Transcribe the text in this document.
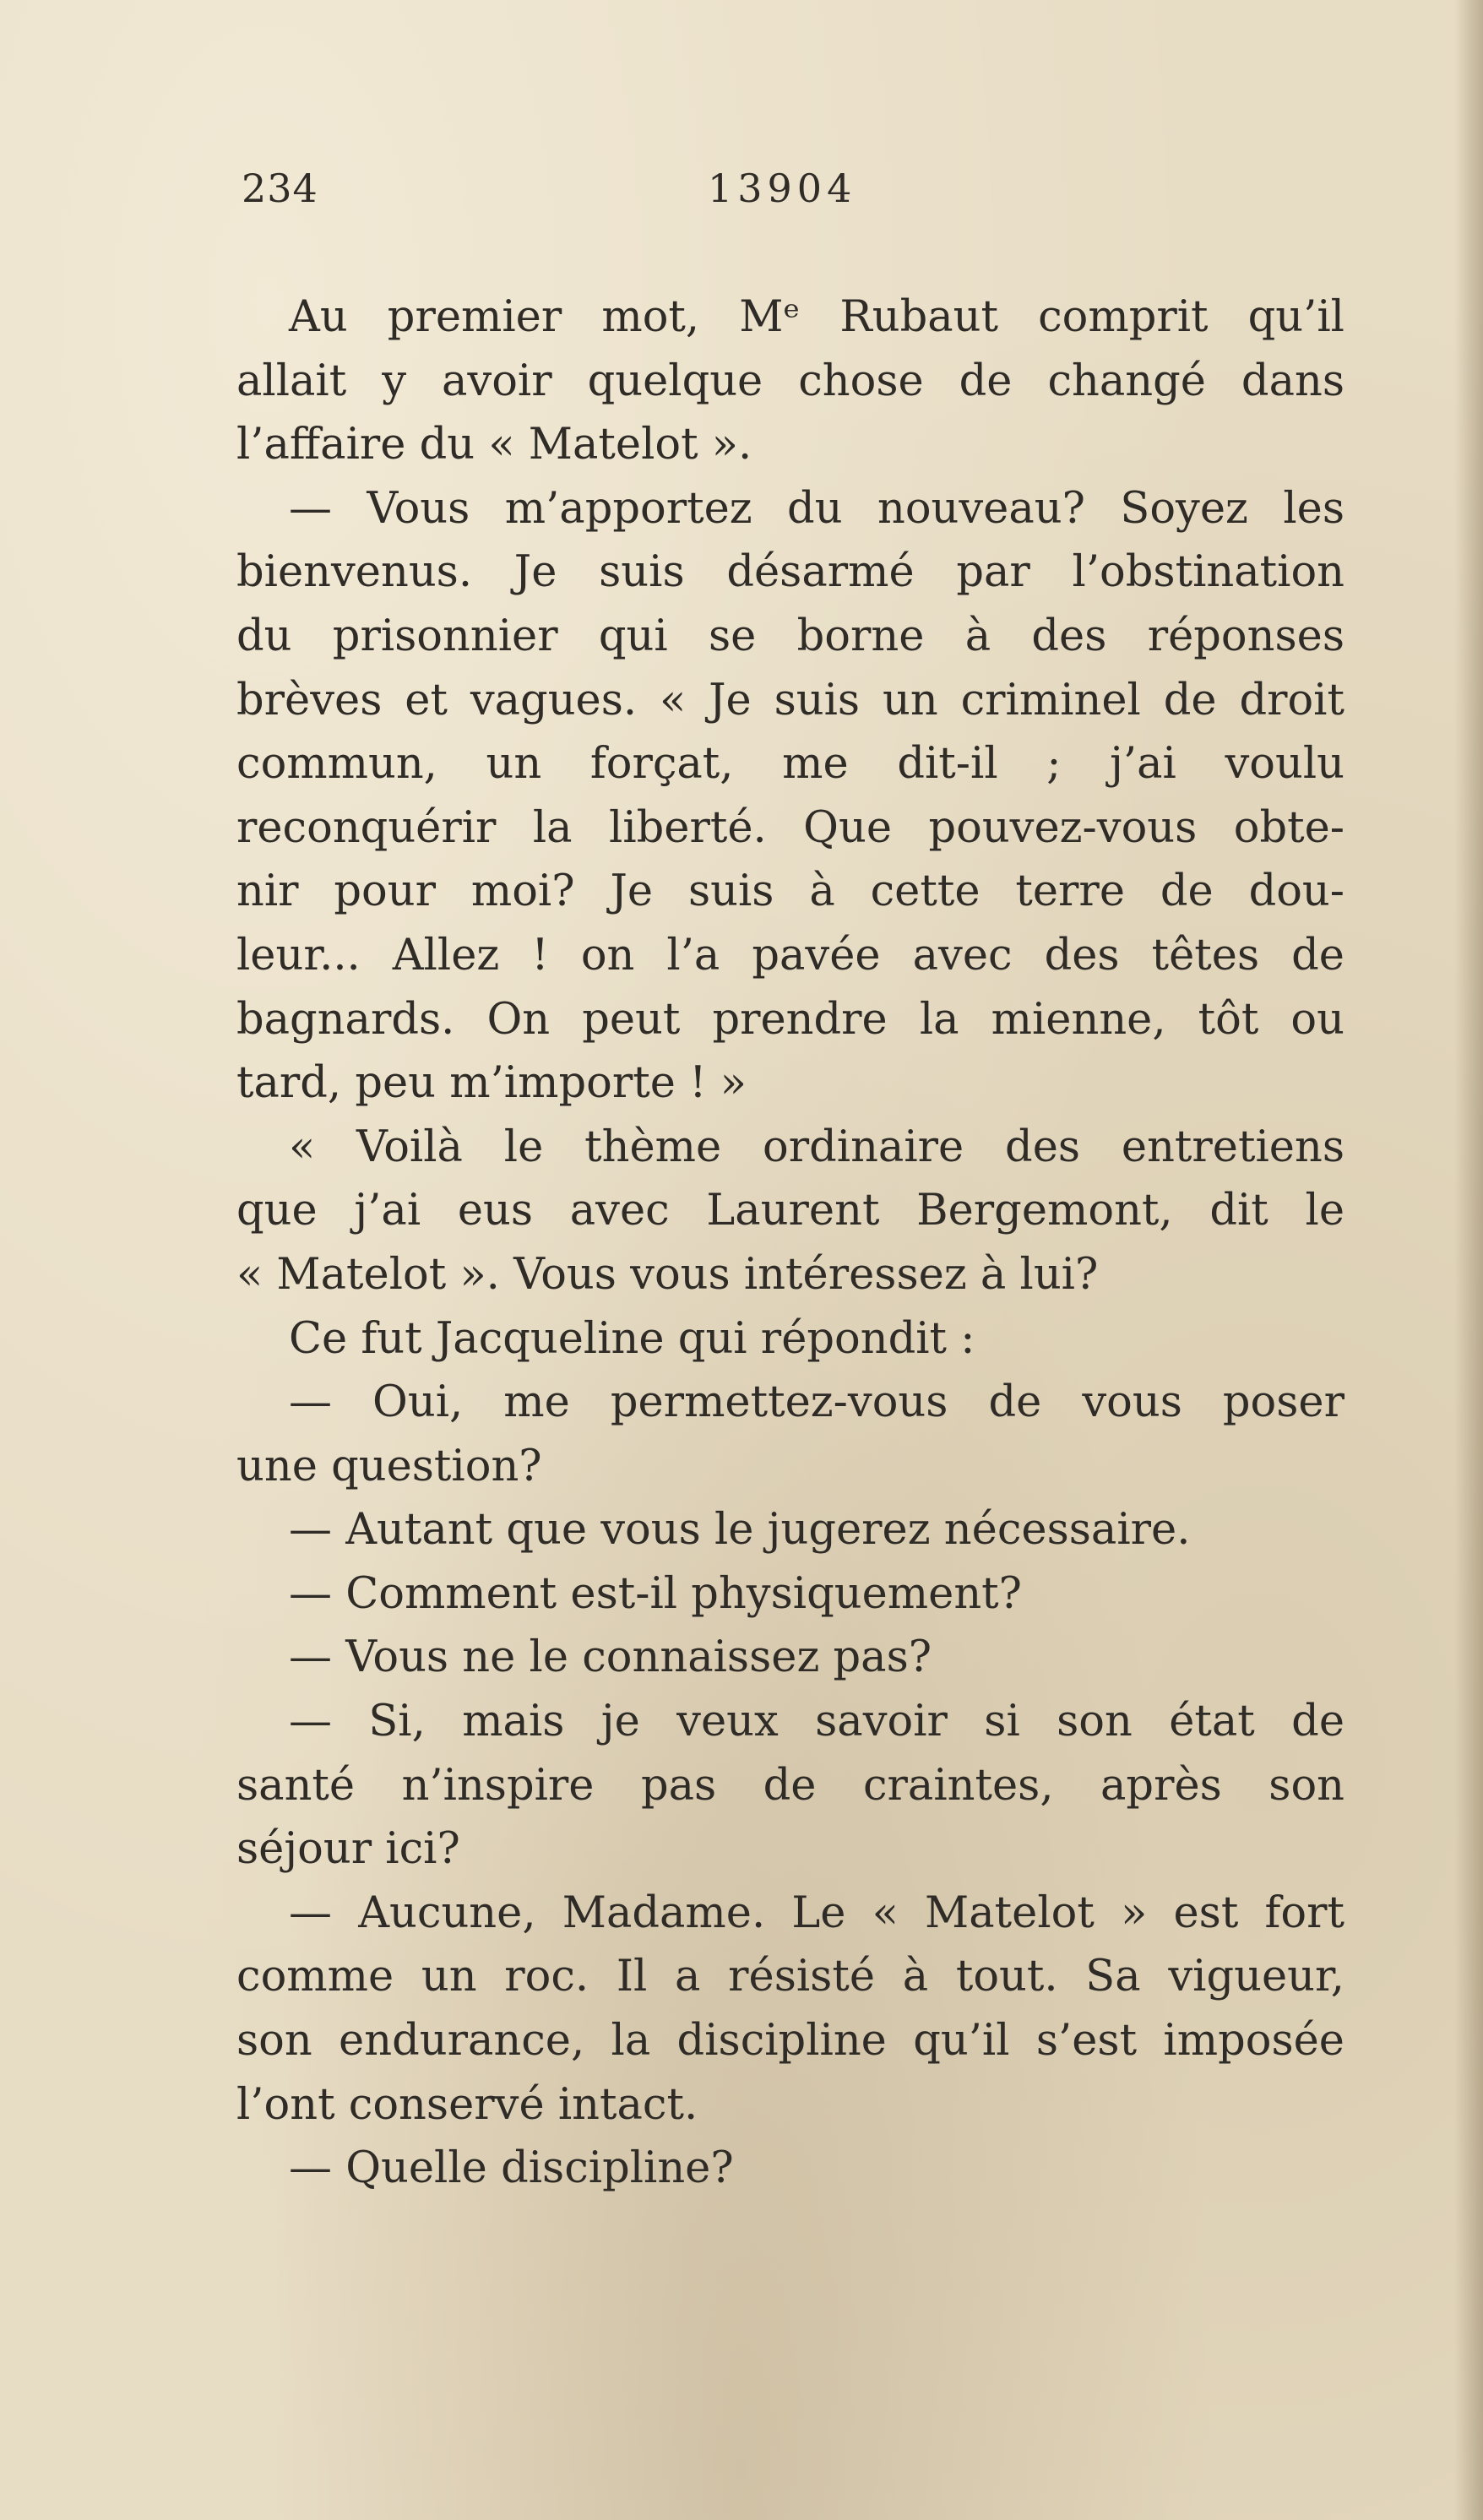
234	13904
Au premier mot, Mᵉ Rubaut comprit qu’il
allait y avoir quelque chose de changé dans
l’affaire du « Matelot ».
— Vous m’apportez du nouveau? Soyez les
bienvenus. Je suis désarmé par l’obstination
du prisonnier qui se borne à des réponses
brèves et vagues. « Je suis un criminel de droit
commun, un forçat, me dit-il ; j’ai voulu
reconquérir la liberté. Que pouvez-vous obte-
nir pour moi? Je suis à cette terre de dou-
leur... Allez ! on l’a pavée avec des têtes de
bagnards. On peut prendre la mienne, tôt ou
tard, peu m’importe ! »
« Voilà le thème ordinaire des entretiens
que j’ai eus avec Laurent Bergemont, dit le
« Matelot ». Vous vous intéressez à lui?
Ce fut Jacqueline qui répondit :
— Oui, me permettez-vous de vous poser
une question?
— Autant que vous le jugerez nécessaire.
— Comment est-il physiquement?
— Vous ne le connaissez pas?
— Si, mais je veux savoir si son état de
santé n’inspire pas de craintes, après son
séjour ici?
— Aucune, Madame. Le « Matelot » est fort
comme un roc. Il a résisté à tout. Sa vigueur,
son endurance, la discipline qu’il s’est imposée
l’ont conservé intact.
— Quelle discipline?
